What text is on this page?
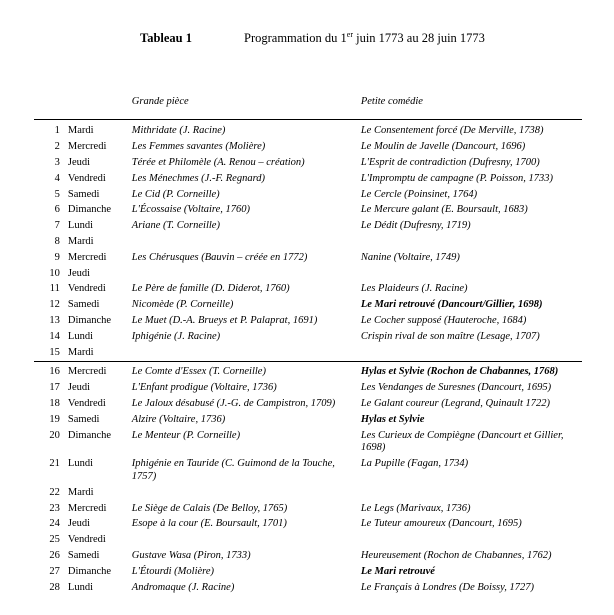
Tableau 1	Programmation du 1er juin 1773 au 28 juin 1773

		Grande pièce	Petite comédie

1	Mardi	Mithridate (J. Racine)	Le Consentement forcé (De Merville, 1738)
2	Mercredi	Les Femmes savantes (Molière)	Le Moulin de Javelle (Dancourt, 1696)
3	Jeudi	Térée et Philomèle (A. Renou – création)	L'Esprit de contradiction (Dufresny, 1700)
4	Vendredi	Les Ménechmes (J.-F. Regnard)	L'Impromptu de campagne (P. Poisson, 1733)
5	Samedi	Le Cid (P. Corneille)	Le Cercle (Poinsinet, 1764)
6	Dimanche	L'Écossaise (Voltaire, 1760)	Le Mercure galant (E. Boursault, 1683)
7	Lundi	Ariane (T. Corneille)	Le Dédit (Dufresny, 1719)
8	Mardi		
9	Mercredi	Les Chérusques (Bauvin – créée en 1772)	Nanine (Voltaire, 1749)
10	Jeudi		
11	Vendredi	Le Père de famille (D. Diderot, 1760)	Les Plaideurs (J. Racine)
12	Samedi	Nicomède (P. Corneille)	Le Mari retrouvé (Dancourt/Gillier, 1698)
13	Dimanche	Le Muet (D.-A. Brueys et P. Palaprat, 1691)	Le Cocher supposé (Hauteroche, 1684)
14	Lundi	Iphigénie (J. Racine)	Crispin rival de son maître (Lesage, 1707)
15	Mardi		

16	Mercredi	Le Comte d'Essex (T. Corneille)	Hylas et Sylvie (Rochon de Chabannes, 1768)
17	Jeudi	L'Enfant prodigue (Voltaire, 1736)	Les Vendanges de Suresnes (Dancourt, 1695)
18	Vendredi	Le Jaloux désabusé (J.-G. de Campistron, 1709)	Le Galant coureur (Legrand, Quinault 1722)
19	Samedi	Alzire (Voltaire, 1736)	Hylas et Sylvie
20	Dimanche	Le Menteur (P. Corneille)	Les Curieux de Compiègne (Dancourt et Gillier, 1698)
21	Lundi	Iphigénie en Tauride (C. Guimond de la Touche, 1757)	La Pupille (Fagan, 1734)
22	Mardi		
23	Mercredi	Le Siège de Calais (De Belloy, 1765)	Le Legs (Marivaux, 1736)
24	Jeudi	Esope à la cour (E. Boursault, 1701)	Le Tuteur amoureux (Dancourt, 1695)
25	Vendredi		
26	Samedi	Gustave Wasa (Piron, 1733)	Heureusement (Rochon de Chabannes, 1762)
27	Dimanche	L'Étourdi (Molière)	Le Mari retrouvé
28	Lundi	Andromaque (J. Racine)	Le Français à Londres (De Boissy, 1727)
